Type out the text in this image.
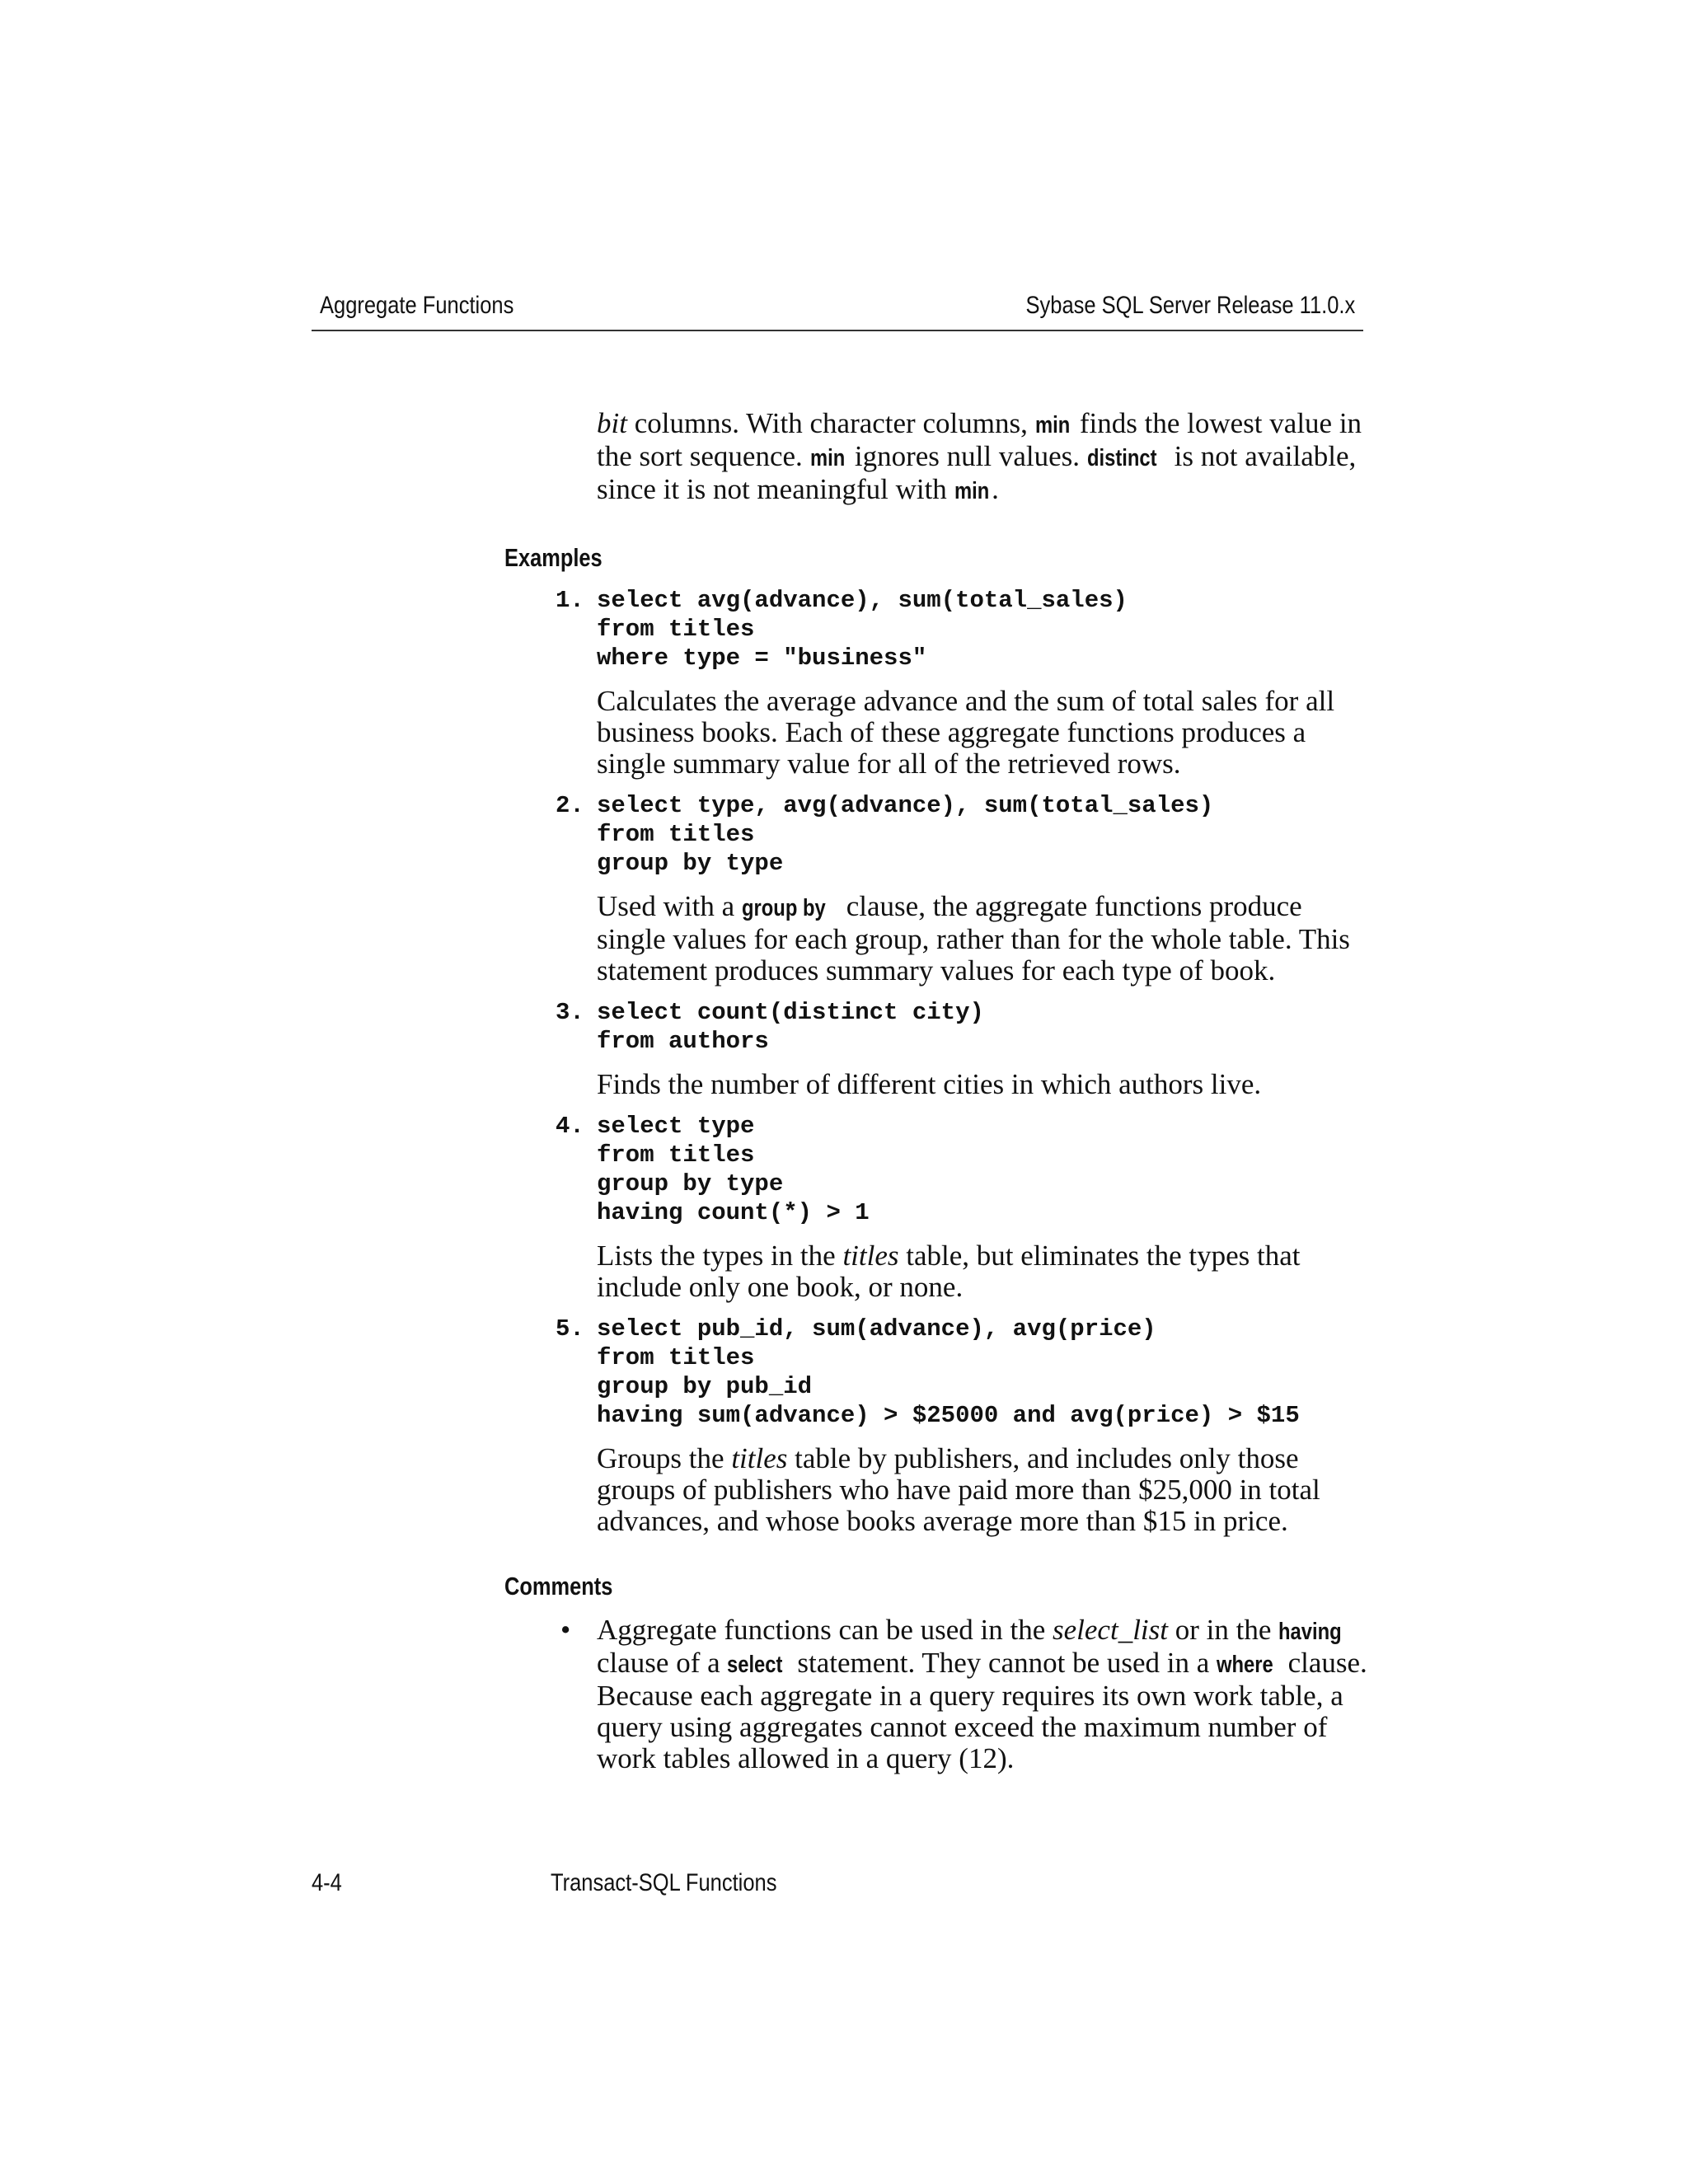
Aggregate Functions	Sybase SQL Server Release 11.0.x

bit columns. With character columns, min finds the lowest value in the sort sequence. min ignores null values. distinct is not available, since it is not meaningful with min.

Examples
1. select avg(advance), sum(total_sales)
from titles
where type = "business"

Calculates the average advance and the sum of total sales for all business books. Each of these aggregate functions produces a single summary value for all of the retrieved rows.

2. select type, avg(advance), sum(total_sales)
from titles
group by type

Used with a group by clause, the aggregate functions produce single values for each group, rather than for the whole table. This statement produces summary values for each type of book.

3. select count(distinct city)
from authors

Finds the number of different cities in which authors live.

4. select type
from titles
group by type
having count(*) > 1

Lists the types in the titles table, but eliminates the types that include only one book, or none.

5. select pub_id, sum(advance), avg(price)
from titles
group by pub_id
having sum(advance) > $25000 and avg(price) > $15

Groups the titles table by publishers, and includes only those groups of publishers who have paid more than $25,000 in total advances, and whose books average more than $15 in price.

Comments

• Aggregate functions can be used in the select_list or in the having clause of a select statement. They cannot be used in a where clause. Because each aggregate in a query requires its own work table, a query using aggregates cannot exceed the maximum number of work tables allowed in a query (12).

4-4	Transact-SQL Functions
